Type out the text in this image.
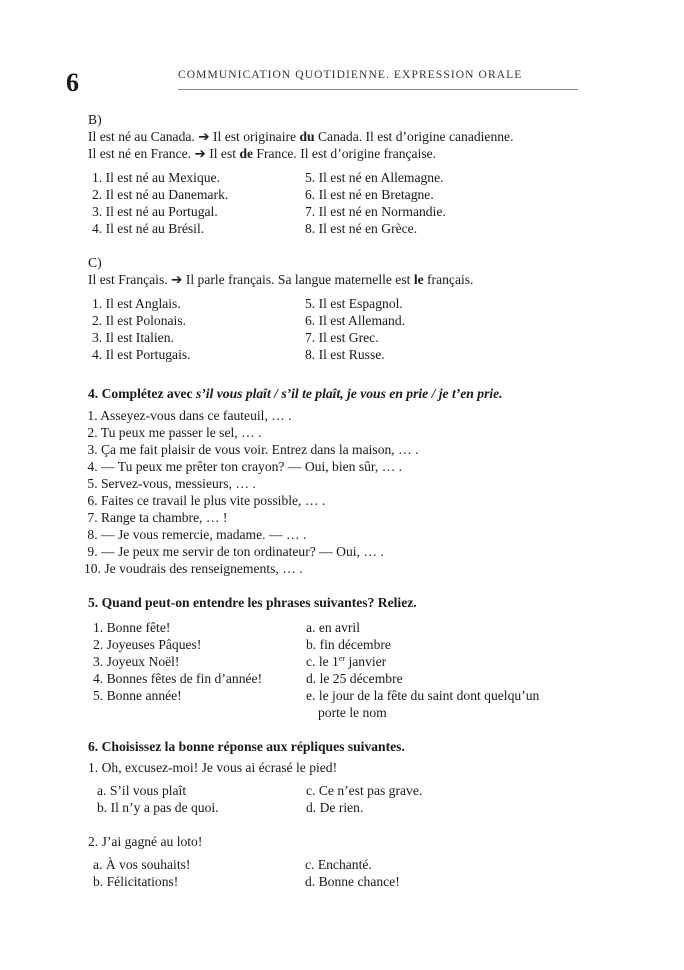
6	COMMUNICATION QUOTIDIENNE. EXPRESSION ORALE
B)
Il est né au Canada. ➔ Il est originaire du Canada. Il est d’origine canadienne.
Il est né en France. ➔ Il est de France. Il est d’origine française.
1. Il est né au Mexique.
2. Il est né au Danemark.
3. Il est né au Portugal.
4. Il est né au Brésil.
5. Il est né en Allemagne.
6. Il est né en Bretagne.
7. Il est né en Normandie.
8. Il est né en Grèce.
C)
Il est Français. ➔ Il parle français. Sa langue maternelle est le français.
1. Il est Anglais.
2. Il est Polonais.
3. Il est Italien.
4. Il est Portugais.
5. Il est Espagnol.
6. Il est Allemand.
7. Il est Grec.
8. Il est Russe.
4. Complétez avec s’il vous plaît / s’il te plaît, je vous en prie / je t’en prie.
1. Asseyez-vous dans ce fauteuil, … .
2. Tu peux me passer le sel, … .
3. Ça me fait plaisir de vous voir. Entrez dans la maison, … .
4. — Tu peux me prêter ton crayon? — Oui, bien sûr, … .
5. Servez-vous, messieurs, … .
6. Faites ce travail le plus vite possible, … .
7. Range ta chambre, … !
8. — Je vous remercie, madame. — … .
9. — Je peux me servir de ton ordinateur? — Oui, … .
10. Je voudrais des renseignements, … .
5. Quand peut-on entendre les phrases suivantes? Reliez.
1. Bonne fête!
2. Joyeuses Pâques!
3. Joyeux Noël!
4. Bonnes fêtes de fin d’année!
5. Bonne année!
a. en avril
b. fin décembre
c. le 1er janvier
d. le 25 décembre
e. le jour de la fête du saint dont quelqu’un
porte le nom
6. Choisissez la bonne réponse aux répliques suivantes.
1. Oh, excusez-moi! Je vous ai écrasé le pied!
a. S’il vous plaît
b. Il n’y a pas de quoi.
c. Ce n’est pas grave.
d. De rien.
2. J’ai gagné au loto!
a. À vos souhaits!
b. Félicitations!
c. Enchanté.
d. Bonne chance!
